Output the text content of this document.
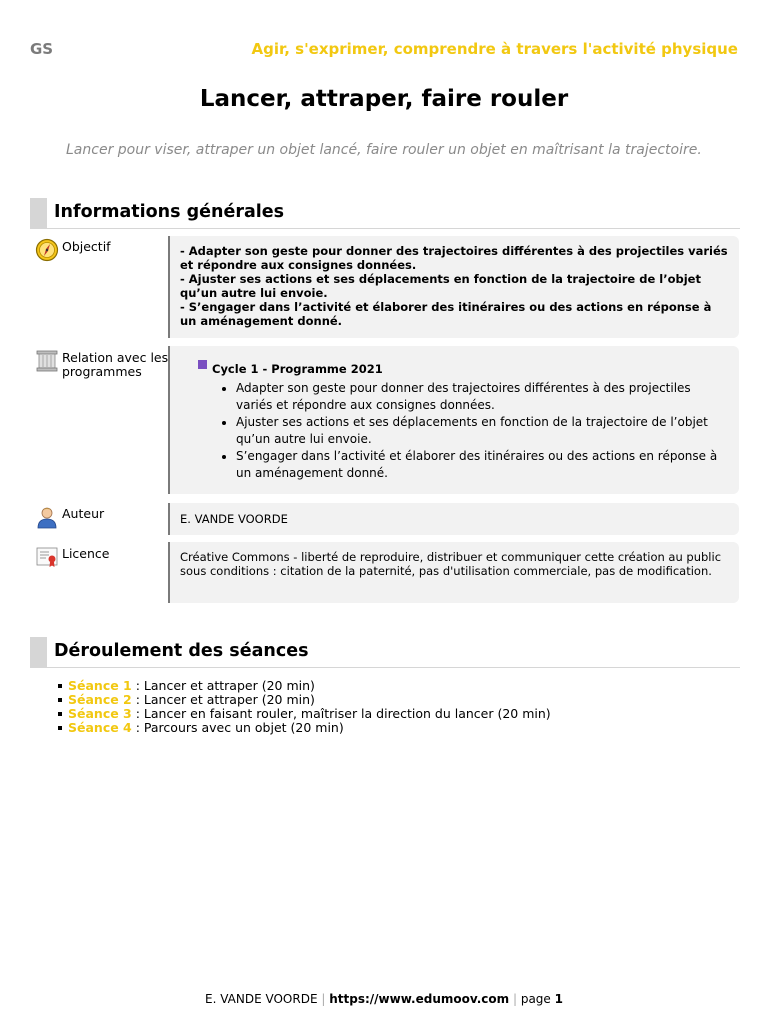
GS	Agir, s'exprimer, comprendre à travers l'activité physique
Lancer, attraper, faire rouler
Lancer pour viser, attraper un objet lancé, faire rouler un objet en maîtrisant la trajectoire.
Informations générales
Objectif	- Adapter son geste pour donner des trajectoires différentes à des projectiles variés et répondre aux consignes données.
- Ajuster ses actions et ses déplacements en fonction de la trajectoire de l’objet qu’un autre lui envoie.
- S’engager dans l’activité et élaborer des itinéraires ou des actions en réponse à un aménagement donné.
Relation avec les programmes	Cycle 1 - Programme 2021
• Adapter son geste pour donner des trajectoires différentes à des projectiles variés et répondre aux consignes données.
• Ajuster ses actions et ses déplacements en fonction de la trajectoire de l’objet qu’un autre lui envoie.
• S’engager dans l’activité et élaborer des itinéraires ou des actions en réponse à un aménagement donné.
Auteur	E. VANDE VOORDE
Licence	Créative Commons - liberté de reproduire, distribuer et communiquer cette création au public sous conditions : citation de la paternité, pas d'utilisation commerciale, pas de modification.
Déroulement des séances
Séance 1 : Lancer et attraper (20 min)
Séance 2 : Lancer et attraper (20 min)
Séance 3 : Lancer en faisant rouler, maîtriser la direction du lancer (20 min)
Séance 4 : Parcours avec un objet (20 min)
E. VANDE VOORDE | https://www.edumoov.com | page 1
